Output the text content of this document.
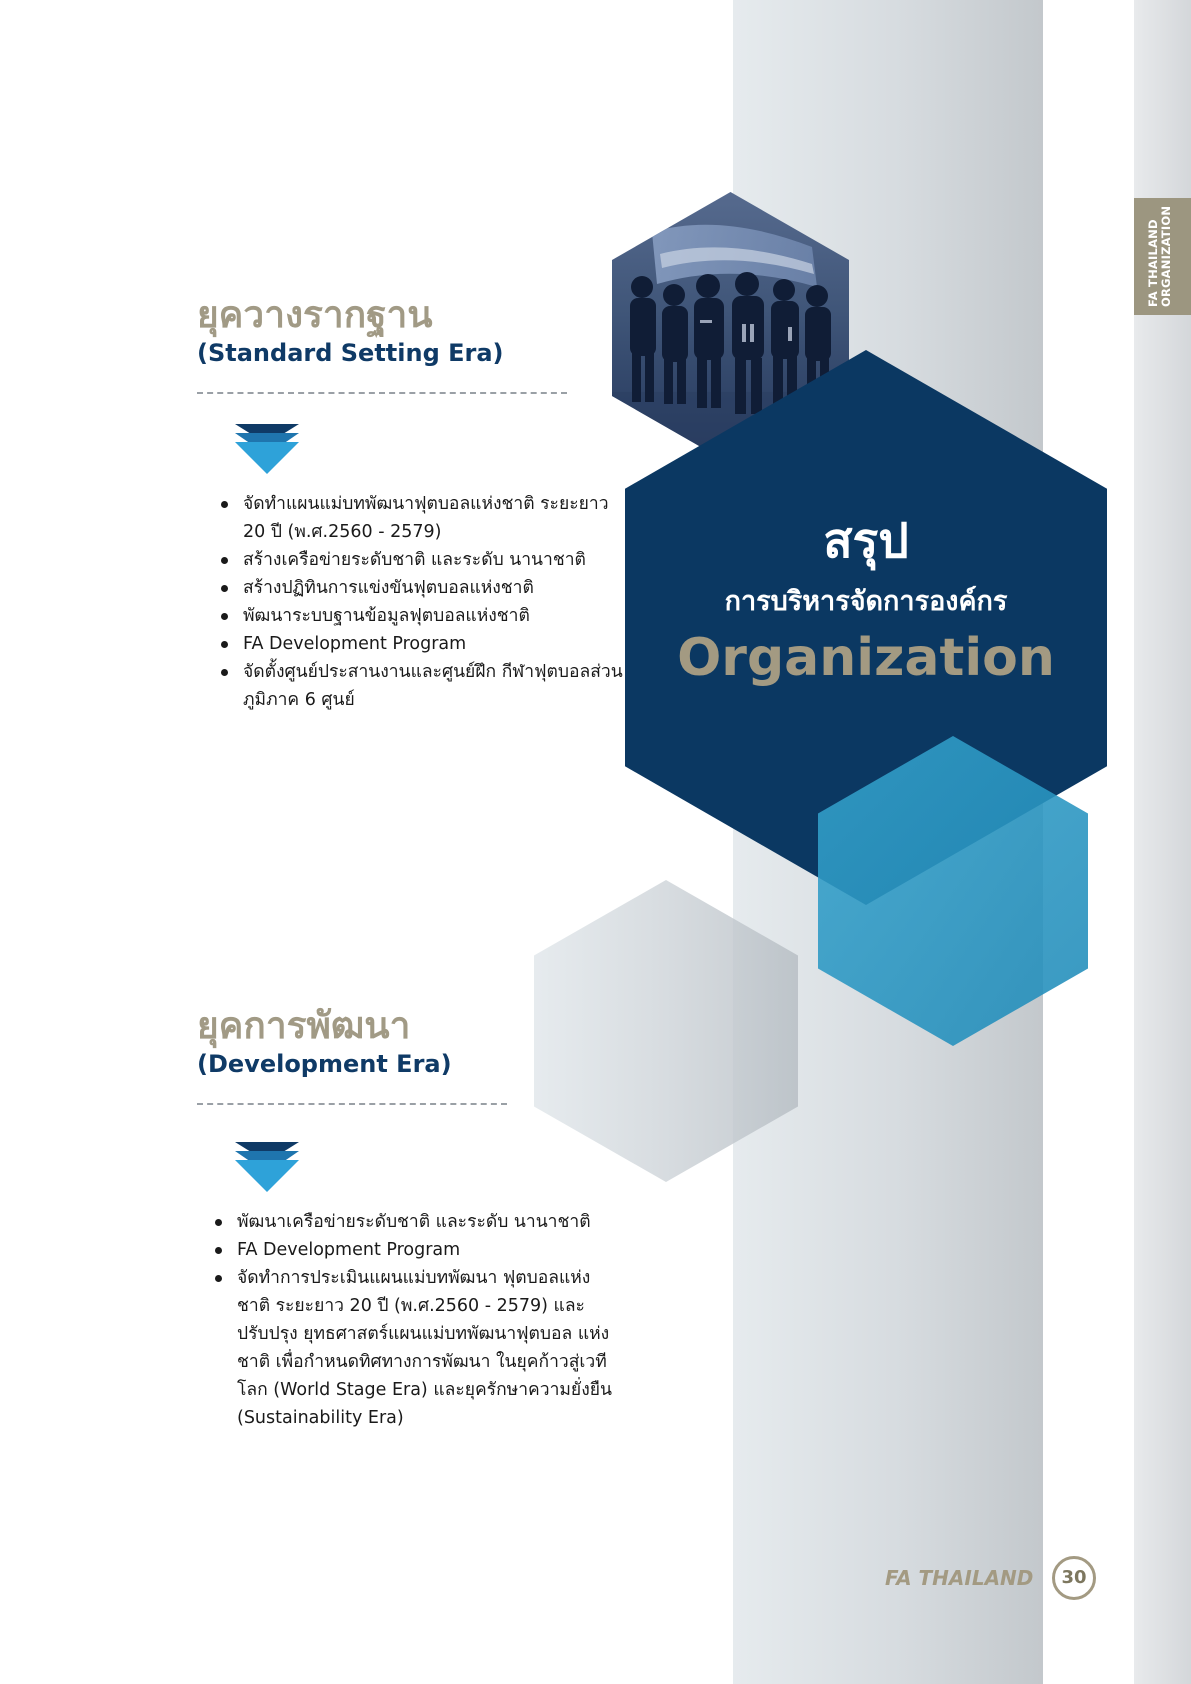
FA THAILAND ORGANIZATION
สรุป
การบริหารจัดการองค์กร
Organization
ยุควางรากฐาน
(Standard Setting Era)
จัดทำแผนแม่บทพัฒนาฟุตบอลแห่งชาติ ระยะยาว 20 ปี (พ.ศ.2560 - 2579)
สร้างเครือข่ายระดับชาติ และระดับ นานาชาติ
สร้างปฏิทินการแข่งขันฟุตบอลแห่งชาติ
พัฒนาระบบฐานข้อมูลฟุตบอลแห่งชาติ
FA Development Program
จัดตั้งศูนย์ประสานงานและศูนย์ฝึก กีฬาฟุตบอลส่วนภูมิภาค 6 ศูนย์
ยุคการพัฒนา
(Development Era)
พัฒนาเครือข่ายระดับชาติ และระดับ นานาชาติ
FA Development Program
จัดทำการประเมินแผนแม่บทพัฒนา ฟุตบอลแห่งชาติ ระยะยาว 20 ปี (พ.ศ.2560 - 2579) และปรับปรุง ยุทธศาสตร์แผนแม่บทพัฒนาฟุตบอล แห่งชาติ เพื่อกำหนดทิศทางการพัฒนา ในยุคก้าวสู่เวทีโลก (World Stage Era) และยุครักษาความยั่งยืน (Sustainability Era)
FA THAILAND	30
